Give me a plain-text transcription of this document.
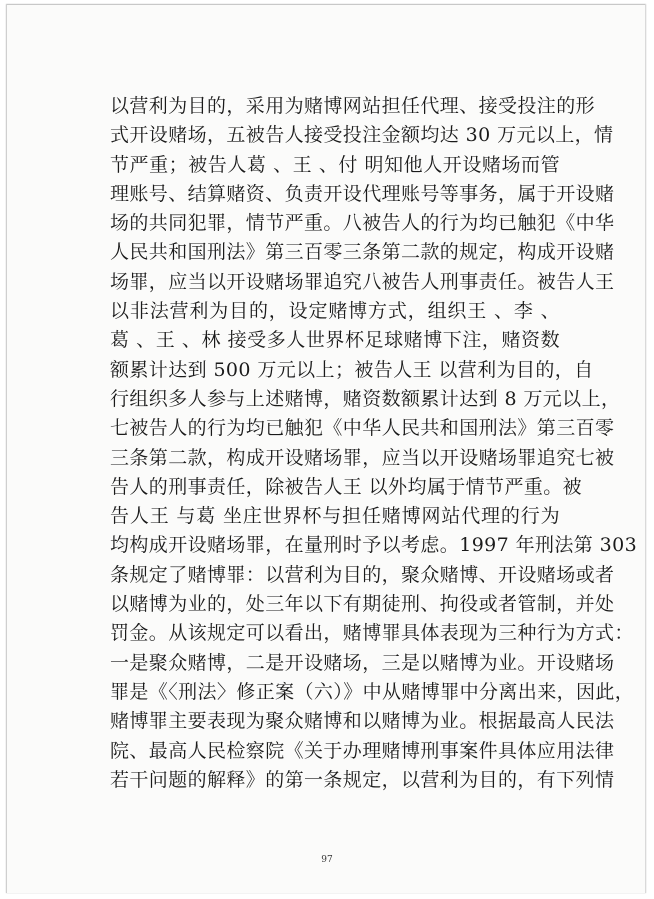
以营利为目的，采用为赌博网站担任代理、接受投注的形
式开设赌场，五被告人接受投注金额均达 30 万元以上，情
节严重；被告人葛 、王 、付 明知他人开设赌场而管
理账号、结算赌资、负责开设代理账号等事务，属于开设赌
场的共同犯罪，情节严重。八被告人的行为均已触犯《中华
人民共和国刑法》第三百零三条第二款的规定，构成开设赌
场罪，应当以开设赌场罪追究八被告人刑事责任。被告人王
以非法营利为目的，设定赌博方式，组织王 、李 、
葛 、王 、林 接受多人世界杯足球赌博下注，赌资数
额累计达到 500 万元以上；被告人王 以营利为目的，自
行组织多人参与上述赌博，赌资数额累计达到 8 万元以上，
七被告人的行为均已触犯《中华人民共和国刑法》第三百零
三条第二款，构成开设赌场罪，应当以开设赌场罪追究七被
告人的刑事责任，除被告人王 以外均属于情节严重。被
告人王 与葛 坐庄世界杯与担任赌博网站代理的行为
均构成开设赌场罪，在量刑时予以考虑。1997 年刑法第 303
条规定了赌博罪：以营利为目的，聚众赌博、开设赌场或者
以赌博为业的，处三年以下有期徒刑、拘役或者管制，并处
罚金。从该规定可以看出，赌博罪具体表现为三种行为方式：
一是聚众赌博，二是开设赌场，三是以赌博为业。开设赌场
罪是《〈刑法〉修正案（六）》中从赌博罪中分离出来，因此，
赌博罪主要表现为聚众赌博和以赌博为业。根据最高人民法
院、最高人民检察院《关于办理赌博刑事案件具体应用法律
若干问题的解释》的第一条规定，以营利为目的，有下列情
97
